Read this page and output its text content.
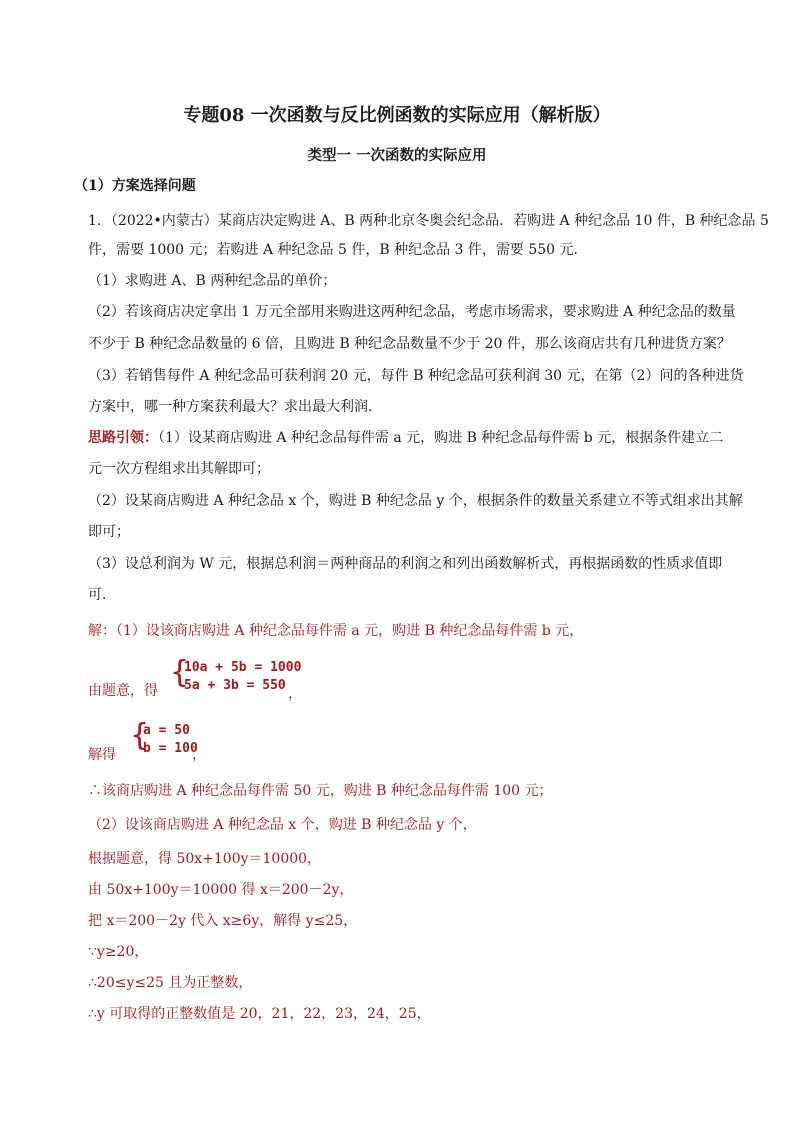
专题08 一次函数与反比例函数的实际应用（解析版）
类型一 一次函数的实际应用
（1）方案选择问题
1．（2022•内蒙古）某商店决定购进 A、B 两种北京冬奥会纪念品．若购进 A 种纪念品 10 件，B 种纪念品 5
件，需要 1000 元；若购进 A 种纪念品 5 件，B 种纪念品 3 件，需要 550 元．
（1）求购进 A、B 两种纪念品的单价；
（2）若该商店决定拿出 1 万元全部用来购进这两种纪念品，考虑市场需求，要求购进 A 种纪念品的数量
不少于 B 种纪念品数量的 6 倍，且购进 B 种纪念品数量不少于 20 件，那么该商店共有几种进货方案？
（3）若销售每件 A 种纪念品可获利润 20 元，每件 B 种纪念品可获利润 30 元，在第（2）问的各种进货
方案中，哪一种方案获利最大？求出最大利润．
思路引领：（1）设某商店购进 A 种纪念品每件需 a 元，购进 B 种纪念品每件需 b 元，根据条件建立二
元一次方程组求出其解即可；
（2）设某商店购进 A 种纪念品 x 个，购进 B 种纪念品 y 个，根据条件的数量关系建立不等式组求出其解
即可；
（3）设总利润为 W 元，根据总利润＝两种商品的利润之和列出函数解析式，再根据函数的性质求值即
可．
解：（1）设该商店购进 A 种纪念品每件需 a 元，购进 B 种纪念品每件需 b 元，
由题意，得
{
10a + 5b = 1000
5a + 3b = 550
，
解得
{
a = 50
b = 100
，
∴该商店购进 A 种纪念品每件需 50 元，购进 B 种纪念品每件需 100 元；
（2）设该商店购进 A 种纪念品 x 个，购进 B 种纪念品 y 个，
根据题意，得 50x+100y＝10000，
由 50x+100y＝10000 得 x＝200－2y，
把 x＝200－2y 代入 x≥6y，解得 y≤25，
∵y≥20，
∴20≤y≤25 且为正整数，
∴y 可取得的正整数值是 20，21，22，23，24，25，
